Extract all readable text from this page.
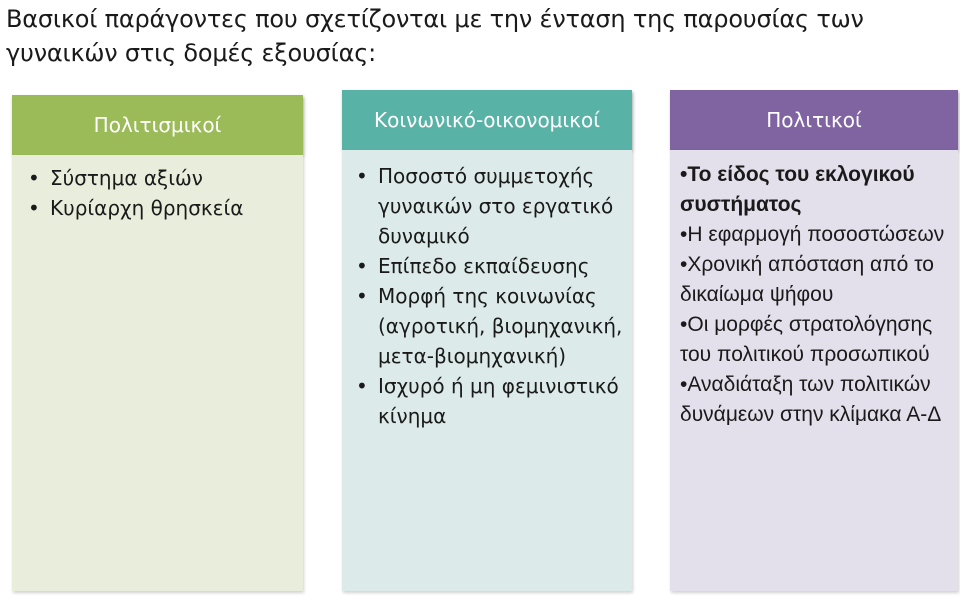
Βασικοί παράγοντες που σχετίζονται με την ένταση της παρουσίας των γυναικών στις δομές εξουσίας:
Πολιτισμικοί
• Σύστημα αξιών
• Κυρίαρχη θρησκεία
Κοινωνικό-οικονομικοί
• Ποσοστό συμμετοχής γυναικών στο εργατικό δυναμικό
• Επίπεδο εκπαίδευσης
• Μορφή της κοινωνίας (αγροτική, βιομηχανική, μετα-βιομηχανική)
• Ισχυρό ή μη φεμινιστικό κίνημα
Πολιτικοί
•Το είδος του εκλογικού συστήματος
•Η εφαρμογή ποσοστώσεων
•Χρονική απόσταση από το δικαίωμα ψήφου
•Οι μορφές στρατολόγησης του πολιτικού προσωπικού
•Αναδιάταξη των πολιτικών δυνάμεων στην κλίμακα Α-Δ
